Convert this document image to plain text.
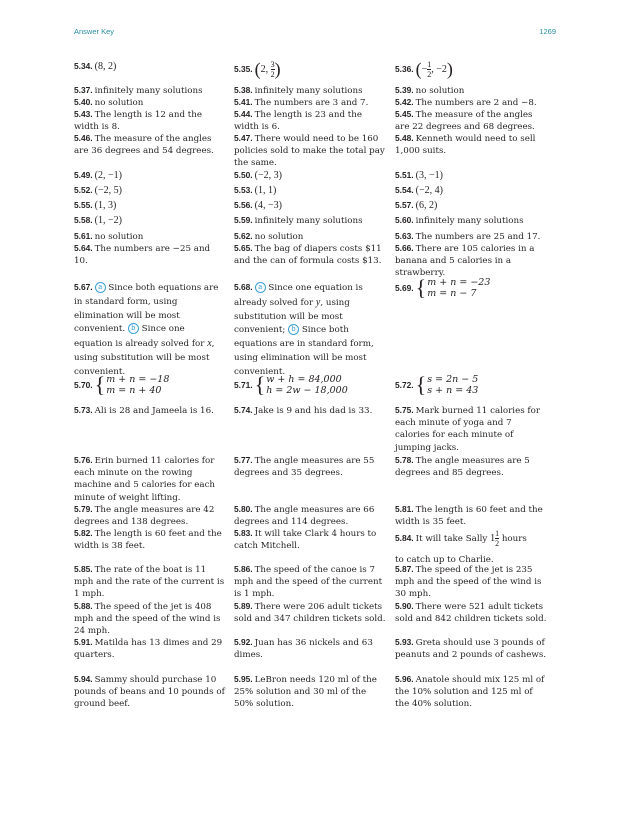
Answer Key	1269
5.34. (8, 2)
5.37. infinitely many solutions
5.40. no solution
5.43. The length is 12 and the width is 8.
5.46. The measure of the angles are 36 degrees and 54 degrees.
5.49. (2, −1)
5.52. (−2, 5)
5.55. (1, 3)
5.58. (1, −2)
5.61. no solution
5.64. The numbers are −25 and 10.
5.67. a Since both equations are in standard form, using elimination will be most convenient. b Since one equation is already solved for x, using substitution will be most convenient.
5.70. { m + n = −18
m = n + 40
5.73. Ali is 28 and Jameela is 16.
5.76. Erin burned 11 calories for each minute on the rowing machine and 5 calories for each minute of weight lifting.
5.79. The angle measures are 42 degrees and 138 degrees.
5.82. The length is 60 feet and the width is 38 feet.
5.85. The rate of the boat is 11 mph and the rate of the current is 1 mph.
5.88. The speed of the jet is 408 mph and the speed of the wind is 24 mph.
5.91. Matilda has 13 dimes and 29 quarters.
5.94. Sammy should purchase 10 pounds of beans and 10 pounds of ground beef.
5.35. (2, $\frac{3}{2}$ )
5.38. infinitely many solutions
5.41. The numbers are 3 and 7.
5.44. The length is 23 and the width is 6.
5.47. There would need to be 160 policies sold to make the total pay the same.
5.50. (−2, 3)
5.53. (1, 1)
5.56. (4, −3)
5.59. infinitely many solutions
5.62. no solution
5.65. The bag of diapers costs $11 and the can of formula costs $13.
5.68. a Since one equation is already solved for y, using substitution will be most convenient; b Since both equations are in standard form, using elimination will be most convenient.
5.71. { w + h = 84,000
h = 2w − 18,000
5.74. Jake is 9 and his dad is 33.
5.77. The angle measures are 55 degrees and 35 degrees.
5.80. The angle measures are 66 degrees and 114 degrees.
5.83. It will take Clark 4 hours to catch Mitchell.
5.86. The speed of the canoe is 7 mph and the speed of the current is 1 mph.
5.89. There were 206 adult tickets sold and 347 children tickets sold.
5.92. Juan has 36 nickels and 63 dimes.
5.95. LeBron needs 120 ml of the 25% solution and 30 ml of the 50% solution.
5.36. (− $\frac{1}{2}$ , −2)
5.39. no solution
5.42. The numbers are 2 and −8.
5.45. The measure of the angles are 22 degrees and 68 degrees.
5.48. Kenneth would need to sell 1,000 suits.
5.51. (3, −1)
5.54. (−2, 4)
5.57. (6, 2)
5.60. infinitely many solutions
5.63. The numbers are 25 and 17.
5.66. There are 105 calories in a banana and 5 calories in a strawberry.
5.69. { m + n = −23
m = n − 7
5.72. { s = 2n − 5
s + n = 43
5.75. Mark burned 11 calories for each minute of yoga and 7 calories for each minute of jumping jacks.
5.78. The angle measures are 5 degrees and 85 degrees.
5.81. The length is 60 feet and the width is 35 feet.
5.84. It will take Sally $1 \frac{1}{2}$ hours
to catch up to Charlie.
5.87. The speed of the jet is 235 mph and the speed of the wind is 30 mph.
5.90. There were 521 adult tickets sold and 842 children tickets sold.
5.93. Greta should use 3 pounds of peanuts and 2 pounds of cashews.
5.96. Anatole should mix 125 ml of the 10% solution and 125 ml of the 40% solution.
